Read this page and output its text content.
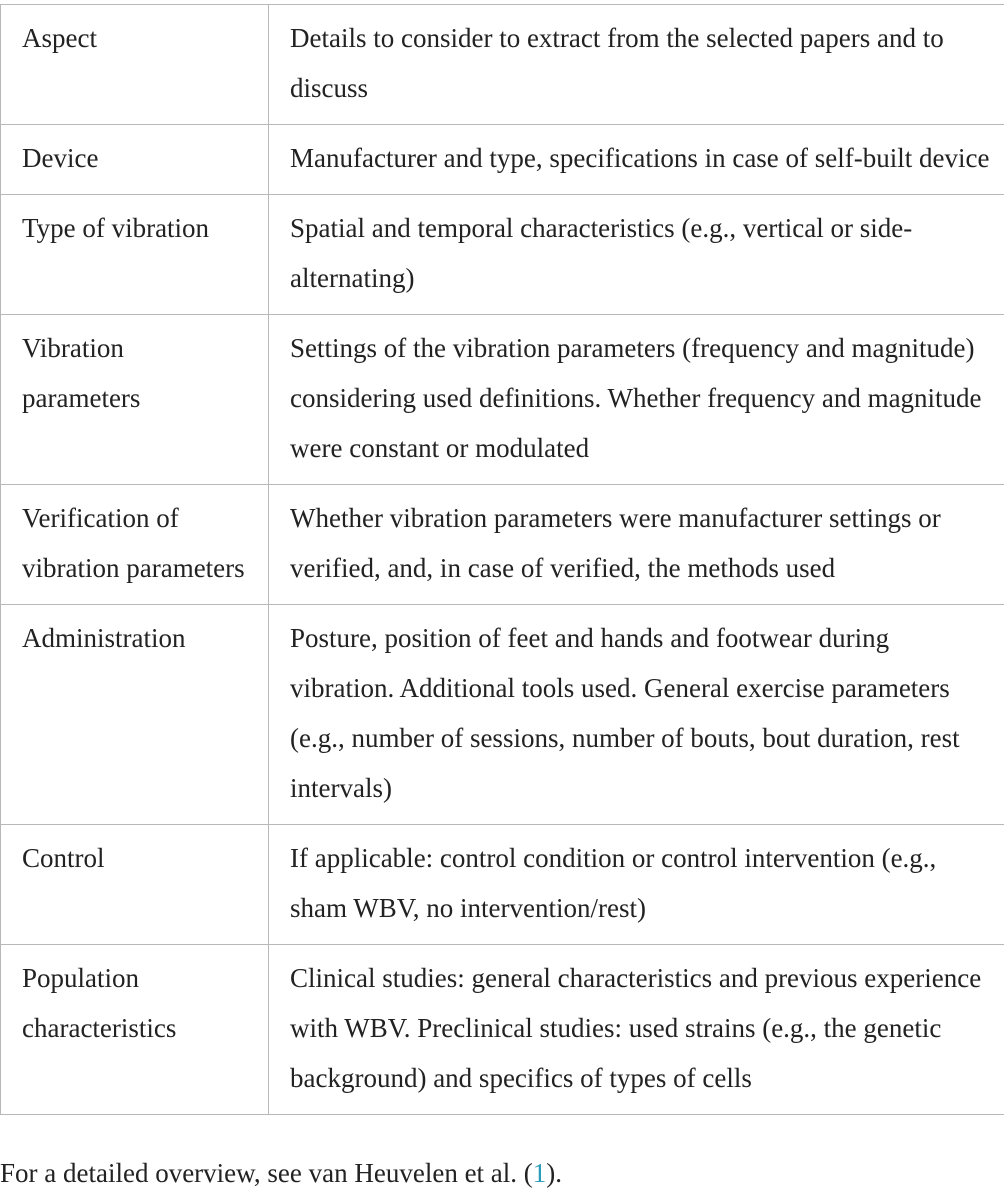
Aspect	Details to consider to extract from the selected papers and to discuss
Device	Manufacturer and type, specifications in case of self-built device
Type of vibration	Spatial and temporal characteristics (e.g., vertical or side-alternating)
Vibration parameters	Settings of the vibration parameters (frequency and magnitude) considering used definitions. Whether frequency and magnitude were constant or modulated
Verification of vibration parameters	Whether vibration parameters were manufacturer settings or verified, and, in case of verified, the methods used
Administration	Posture, position of feet and hands and footwear during vibration. Additional tools used. General exercise parameters (e.g., number of sessions, number of bouts, bout duration, rest intervals)
Control	If applicable: control condition or control intervention (e.g., sham WBV, no intervention/rest)
Population characteristics	Clinical studies: general characteristics and previous experience with WBV. Preclinical studies: used strains (e.g., the genetic background) and specifics of types of cells
For a detailed overview, see van Heuvelen et al. (1).
